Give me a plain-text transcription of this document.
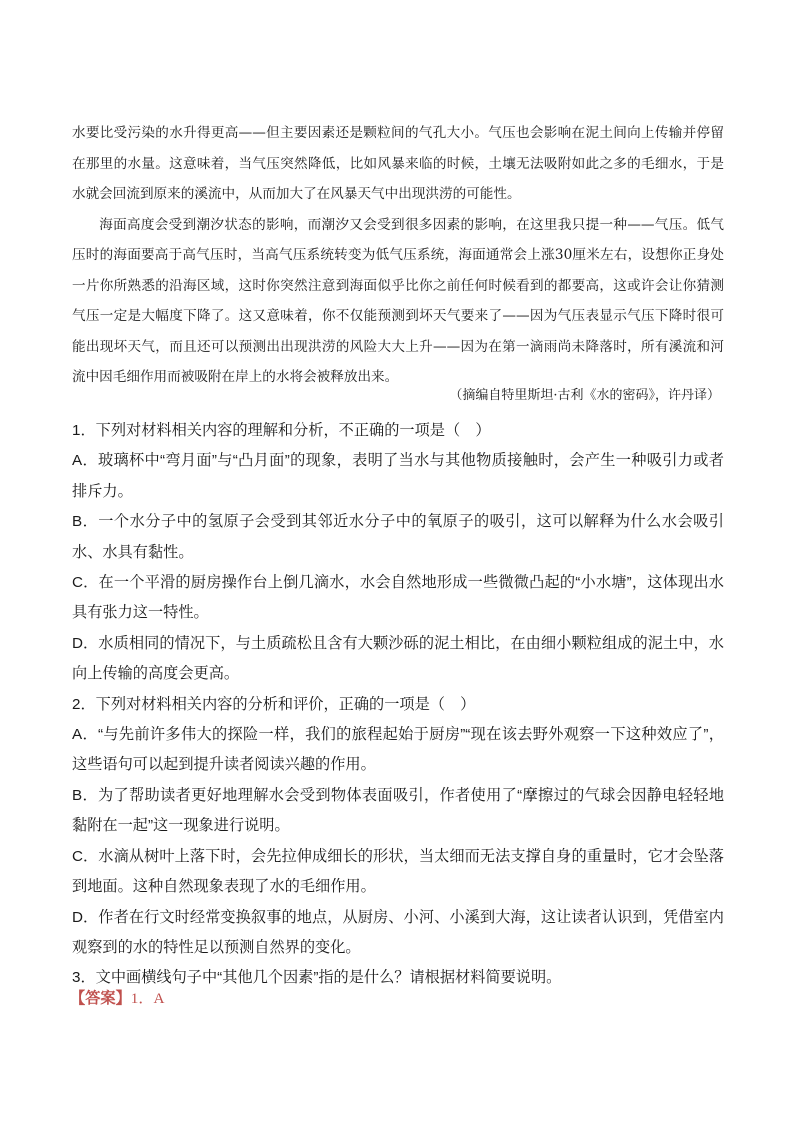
水要比受污染的水升得更高——但主要因素还是颗粒间的气孔大小。气压也会影响在泥土间向上传输并停留在那里的水量。这意味着，当气压突然降低，比如风暴来临的时候，土壤无法吸附如此之多的毛细水，于是水就会回流到原来的溪流中，从而加大了在风暴天气中出现洪涝的可能性。

海面高度会受到潮汐状态的影响，而潮汐又会受到很多因素的影响，在这里我只提一种——气压。低气压时的海面要高于高气压时，当高气压系统转变为低气压系统，海面通常会上涨30厘米左右，设想你正身处一片你所熟悉的沿海区域，这时你突然注意到海面似乎比你之前任何时候看到的都要高，这或许会让你猜测气压一定是大幅度下降了。这又意味着，你不仅能预测到坏天气要来了——因为气压表显示气压下降时很可能出现坏天气，而且还可以预测出出现洪涝的风险大大上升——因为在第一滴雨尚未降落时，所有溪流和河流中因毛细作用而被吸附在岸上的水将会被释放出来。

（摘编自特里斯坦·古利《水的密码》，许丹译）

1．下列对材料相关内容的理解和分析，不正确的一项是（　）

A．玻璃杯中“弯月面”与“凸月面”的现象，表明了当水与其他物质接触时，会产生一种吸引力或者排斥力。

B．一个水分子中的氢原子会受到其邻近水分子中的氧原子的吸引，这可以解释为什么水会吸引水、水具有黏性。

C．在一个平滑的厨房操作台上倒几滴水，水会自然地形成一些微微凸起的“小水塘”，这体现出水具有张力这一特性。

D．水质相同的情况下，与土质疏松且含有大颗沙砾的泥土相比，在由细小颗粒组成的泥土中，水向上传输的高度会更高。

2．下列对材料相关内容的分析和评价，正确的一项是（　）

A．“与先前许多伟大的探险一样，我们的旅程起始于厨房”“现在该去野外观察一下这种效应了”，这些语句可以起到提升读者阅读兴趣的作用。

B．为了帮助读者更好地理解水会受到物体表面吸引，作者使用了“摩擦过的气球会因静电轻轻地黏附在一起”这一现象进行说明。

C．水滴从树叶上落下时，会先拉伸成细长的形状，当太细而无法支撑自身的重量时，它才会坠落到地面。这种自然现象表现了水的毛细作用。

D．作者在行文时经常变换叙事的地点，从厨房、小河、小溪到大海，这让读者认识到，凭借室内观察到的水的特性足以预测自然界的变化。

3．文中画横线句子中“其他几个因素”指的是什么？请根据材料简要说明。

【答案】1．A
